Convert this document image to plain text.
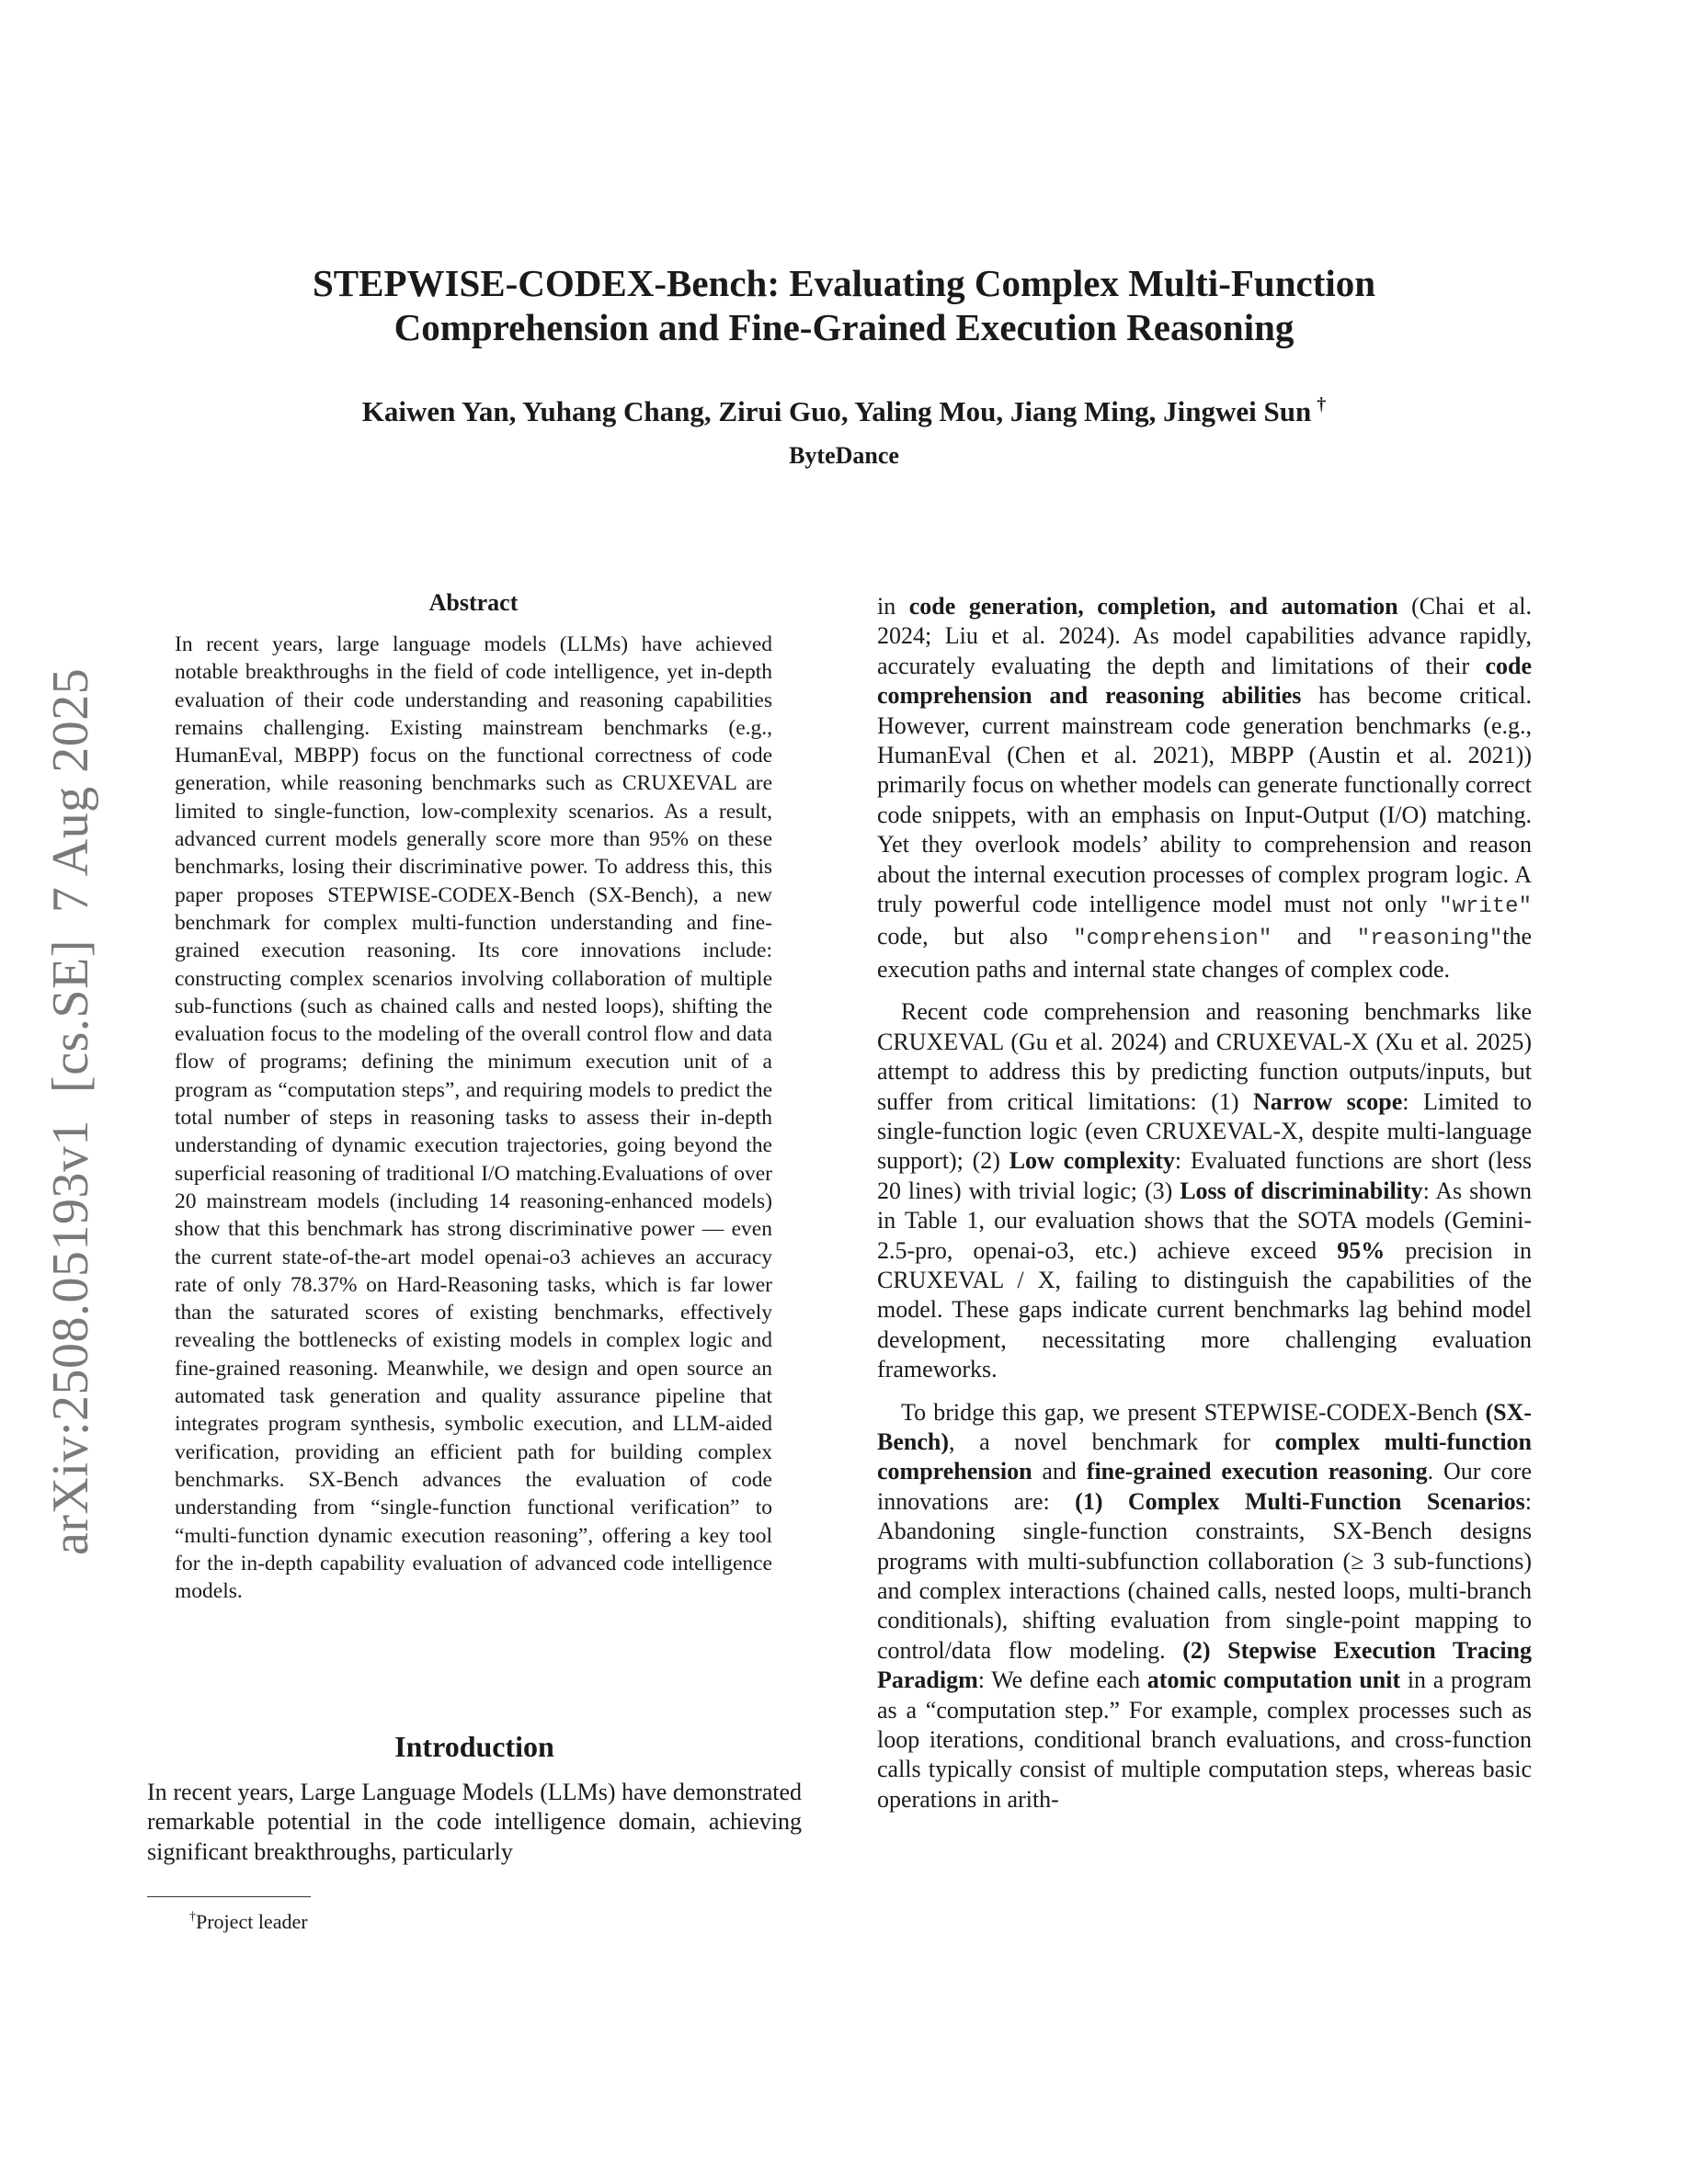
STEPWISE-CODEX-Bench: Evaluating Complex Multi-Function
Comprehension and Fine-Grained Execution Reasoning
Kaiwen Yan, Yuhang Chang, Zirui Guo, Yaling Mou, Jiang Ming, Jingwei Sun †
ByteDance
arXiv:2508.05193v1  [cs.SE]  7 Aug 2025
Abstract

In recent years, large language models (LLMs) have achieved notable breakthroughs in the field of code intelligence, yet in-depth evaluation of their code understanding and reasoning capabilities remains challenging. Existing mainstream benchmarks (e.g., HumanEval, MBPP) focus on the functional correctness of code generation, while reasoning benchmarks such as CRUXEVAL are limited to single-function, low-complexity scenarios. As a result, advanced current models generally score more than 95% on these benchmarks, losing their discriminative power. To address this, this paper proposes STEPWISE-CODEX-Bench (SX-Bench), a new benchmark for complex multi-function understanding and fine-grained execution reasoning. Its core innovations include: constructing complex scenarios involving collaboration of multiple sub-functions (such as chained calls and nested loops), shifting the evaluation focus to the modeling of the overall control flow and data flow of programs; defining the minimum execution unit of a program as “computation steps”, and requiring models to predict the total number of steps in reasoning tasks to assess their in-depth understanding of dynamic execution trajectories, going beyond the superficial reasoning of traditional I/O matching.Evaluations of over 20 mainstream models (including 14 reasoning-enhanced models) show that this benchmark has strong discriminative power — even the current state-of-the-art model openai-o3 achieves an accuracy rate of only 78.37% on Hard-Reasoning tasks, which is far lower than the saturated scores of existing benchmarks, effectively revealing the bottlenecks of existing models in complex logic and fine-grained reasoning. Meanwhile, we design and open source an automated task generation and quality assurance pipeline that integrates program synthesis, symbolic execution, and LLM-aided verification, providing an efficient path for building complex benchmarks. SX-Bench advances the evaluation of code understanding from “single-function functional verification” to “multi-function dynamic execution reasoning”, offering a key tool for the in-depth capability evaluation of advanced code intelligence models.

Introduction

In recent years, Large Language Models (LLMs) have demonstrated remarkable potential in the code intelligence domain, achieving significant breakthroughs, particularly

†Project leader

in code generation, completion, and automation (Chai et al. 2024; Liu et al. 2024). As model capabilities advance rapidly, accurately evaluating the depth and limitations of their code comprehension and reasoning abilities has become critical. However, current mainstream code generation benchmarks (e.g., HumanEval (Chen et al. 2021), MBPP (Austin et al. 2021)) primarily focus on whether models can generate functionally correct code snippets, with an emphasis on Input-Output (I/O) matching. Yet they overlook models’ ability to comprehension and reason about the internal execution processes of complex program logic. A truly powerful code intelligence model must not only "write" code, but also "comprehension" and "reasoning"the execution paths and internal state changes of complex code.

Recent code comprehension and reasoning benchmarks like CRUXEVAL (Gu et al. 2024) and CRUXEVAL-X (Xu et al. 2025) attempt to address this by predicting function outputs/inputs, but suffer from critical limitations: (1) Narrow scope: Limited to single-function logic (even CRUXEVAL-X, despite multi-language support); (2) Low complexity: Evaluated functions are short (less 20 lines) with trivial logic; (3) Loss of discriminability: As shown in Table 1, our evaluation shows that the SOTA models (Gemini-2.5-pro, openai-o3, etc.) achieve exceed 95% precision in CRUXEVAL / X, failing to distinguish the capabilities of the model. These gaps indicate current benchmarks lag behind model development, necessitating more challenging evaluation frameworks.

To bridge this gap, we present STEPWISE-CODEX-Bench (SX-Bench), a novel benchmark for complex multi-function comprehension and fine-grained execution reasoning. Our core innovations are: (1) Complex Multi-Function Scenarios: Abandoning single-function constraints, SX-Bench designs programs with multi-subfunction collaboration (≥ 3 sub-functions) and complex interactions (chained calls, nested loops, multi-branch conditionals), shifting evaluation from single-point mapping to control/data flow modeling. (2) Stepwise Execution Tracing Paradigm: We define each atomic computation unit in a program as a “computation step.” For example, complex processes such as loop iterations, conditional branch evaluations, and cross-function calls typically consist of multiple computation steps, whereas basic operations in arith-
